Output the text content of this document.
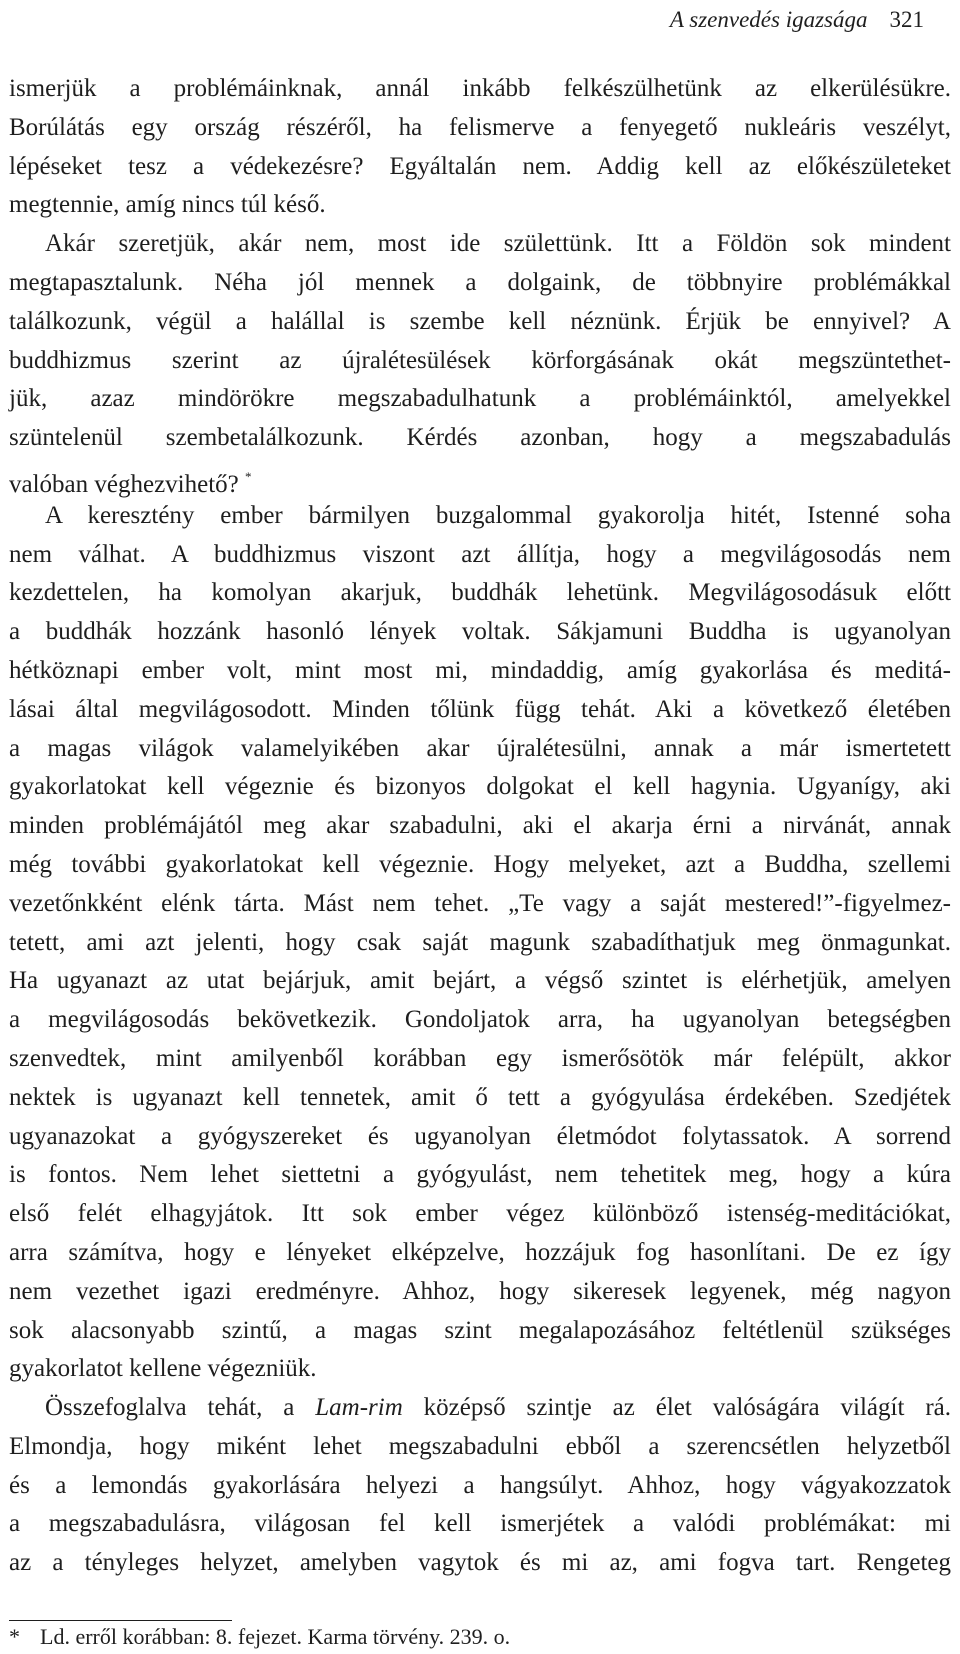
A szenvedés igazsága 321
ismerjük a problémáinknak, annál inkább felkészülhetünk az elkerülésükre.
Borúlátás egy ország részéről, ha felismerve a fenyegető nukleáris veszélyt,
lépéseket tesz a védekezésre? Egyáltalán nem. Addig kell az előkészületeket
megtennie, amíg nincs túl késő.
Akár szeretjük, akár nem, most ide születtünk. Itt a Földön sok mindent
megtapasztalunk. Néha jól mennek a dolgaink, de többnyire problémákkal
találkozunk, végül a halállal is szembe kell néznünk. Érjük be ennyivel? A
buddhizmus szerint az újralétesülések körforgásának okát megszüntethet-
jük, azaz mindörökre megszabadulhatunk a problémáinktól, amelyekkel
szüntelenül szembetalálkozunk. Kérdés azonban, hogy a megszabadulás
valóban véghezvihető? *
A keresztény ember bármilyen buzgalommal gyakorolja hitét, Istenné soha
nem válhat. A buddhizmus viszont azt állítja, hogy a megvilágosodás nem
kezdettelen, ha komolyan akarjuk, buddhák lehetünk. Megvilágosodásuk előtt
a buddhák hozzánk hasonló lények voltak. Sákjamuni Buddha is ugyanolyan
hétköznapi ember volt, mint most mi, mindaddig, amíg gyakorlása és meditá-
lásai által megvilágosodott. Minden tőlünk függ tehát. Aki a következő életében
a magas világok valamelyikében akar újralétesülni, annak a már ismertetett
gyakorlatokat kell végeznie és bizonyos dolgokat el kell hagynia. Ugyanígy, aki
minden problémájától meg akar szabadulni, aki el akarja érni a nirvánát, annak
még további gyakorlatokat kell végeznie. Hogy melyeket, azt a Buddha, szellemi
vezetőnkként elénk tárta. Mást nem tehet. „Te vagy a saját mestered!”-figyelmez-
tetett, ami azt jelenti, hogy csak saját magunk szabadíthatjuk meg önmagunkat.
Ha ugyanazt az utat bejárjuk, amit bejárt, a végső szintet is elérhetjük, amelyen
a megvilágosodás bekövetkezik. Gondoljatok arra, ha ugyanolyan betegségben
szenvedtek, mint amilyenből korábban egy ismerősötök már felépült, akkor
nektek is ugyanazt kell tennetek, amit ő tett a gyógyulása érdekében. Szedjétek
ugyanazokat a gyógyszereket és ugyanolyan életmódot folytassatok. A sorrend
is fontos. Nem lehet siettetni a gyógyulást, nem tehetitek meg, hogy a kúra
első felét elhagyjátok. Itt sok ember végez különböző istenség-meditációkat,
arra számítva, hogy e lényeket elképzelve, hozzájuk fog hasonlítani. De ez így
nem vezethet igazi eredményre. Ahhoz, hogy sikeresek legyenek, még nagyon
sok alacsonyabb szintű, a magas szint megalapozásához feltétlenül szükséges
gyakorlatot kellene végezniük.
Összefoglalva tehát, a Lam-rim középső szintje az élet valóságára világít rá.
Elmondja, hogy miként lehet megszabadulni ebből a szerencsétlen helyzetből
és a lemondás gyakorlására helyezi a hangsúlyt. Ahhoz, hogy vágyakozzatok
a megszabadulásra, világosan fel kell ismerjétek a valódi problémákat: mi
az a tényleges helyzet, amelyben vagytok és mi az, ami fogva tart. Rengeteg
* Ld. erről korábban: 8. fejezet. Karma törvény. 239. o.
